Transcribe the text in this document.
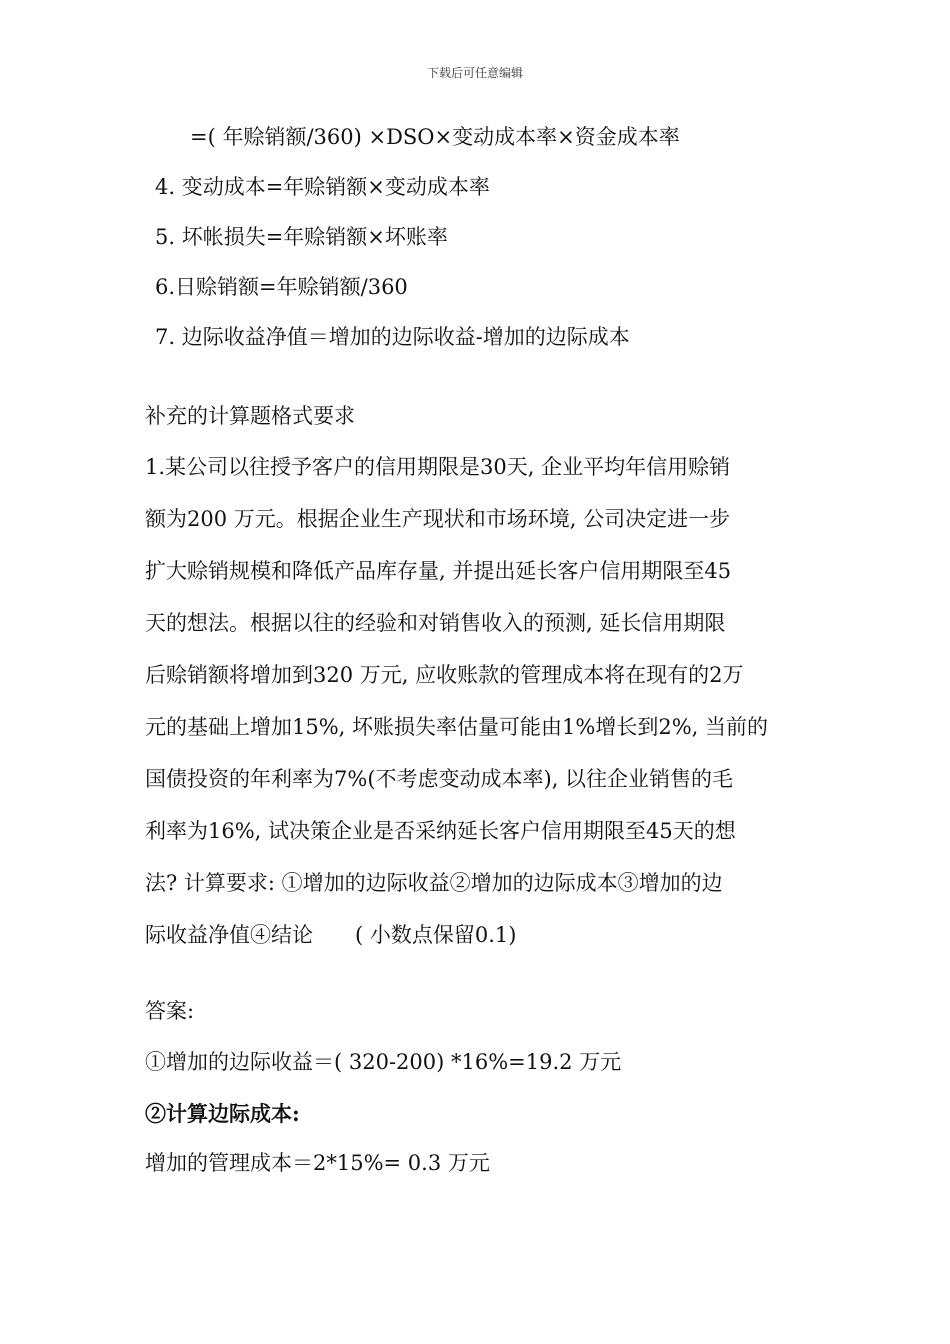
下载后可任意编辑
=( 年赊销额/360) ×DSO×变动成本率×资金成本率
4. 变动成本=年赊销额×变动成本率
5. 坏帐损失=年赊销额×坏账率
6.日赊销额=年赊销额/360
7. 边际收益净值＝增加的边际收益-增加的边际成本
补充的计算题格式要求
1.某公司以往授予客户的信用期限是30天, 企业平均年信用赊销
额为200 万元。根据企业生产现状和市场环境, 公司决定进一步
扩大赊销规模和降低产品库存量, 并提出延长客户信用期限至45
天的想法。根据以往的经验和对销售收入的预测, 延长信用期限
后赊销额将增加到320 万元, 应收账款的管理成本将在现有的2万
元的基础上增加15%, 坏账损失率估量可能由1%增长到2%, 当前的
国债投资的年利率为7%(不考虑变动成本率), 以往企业销售的毛
利率为16%, 试决策企业是否采纳延长客户信用期限至45天的想
法? 计算要求: ①增加的边际收益②增加的边际成本③增加的边
际收益净值④结论　　( 小数点保留0.1)
答案:
①增加的边际收益＝( 320-200) *16%=19.2 万元
②计算边际成本:
增加的管理成本＝2*15%= 0.3 万元
